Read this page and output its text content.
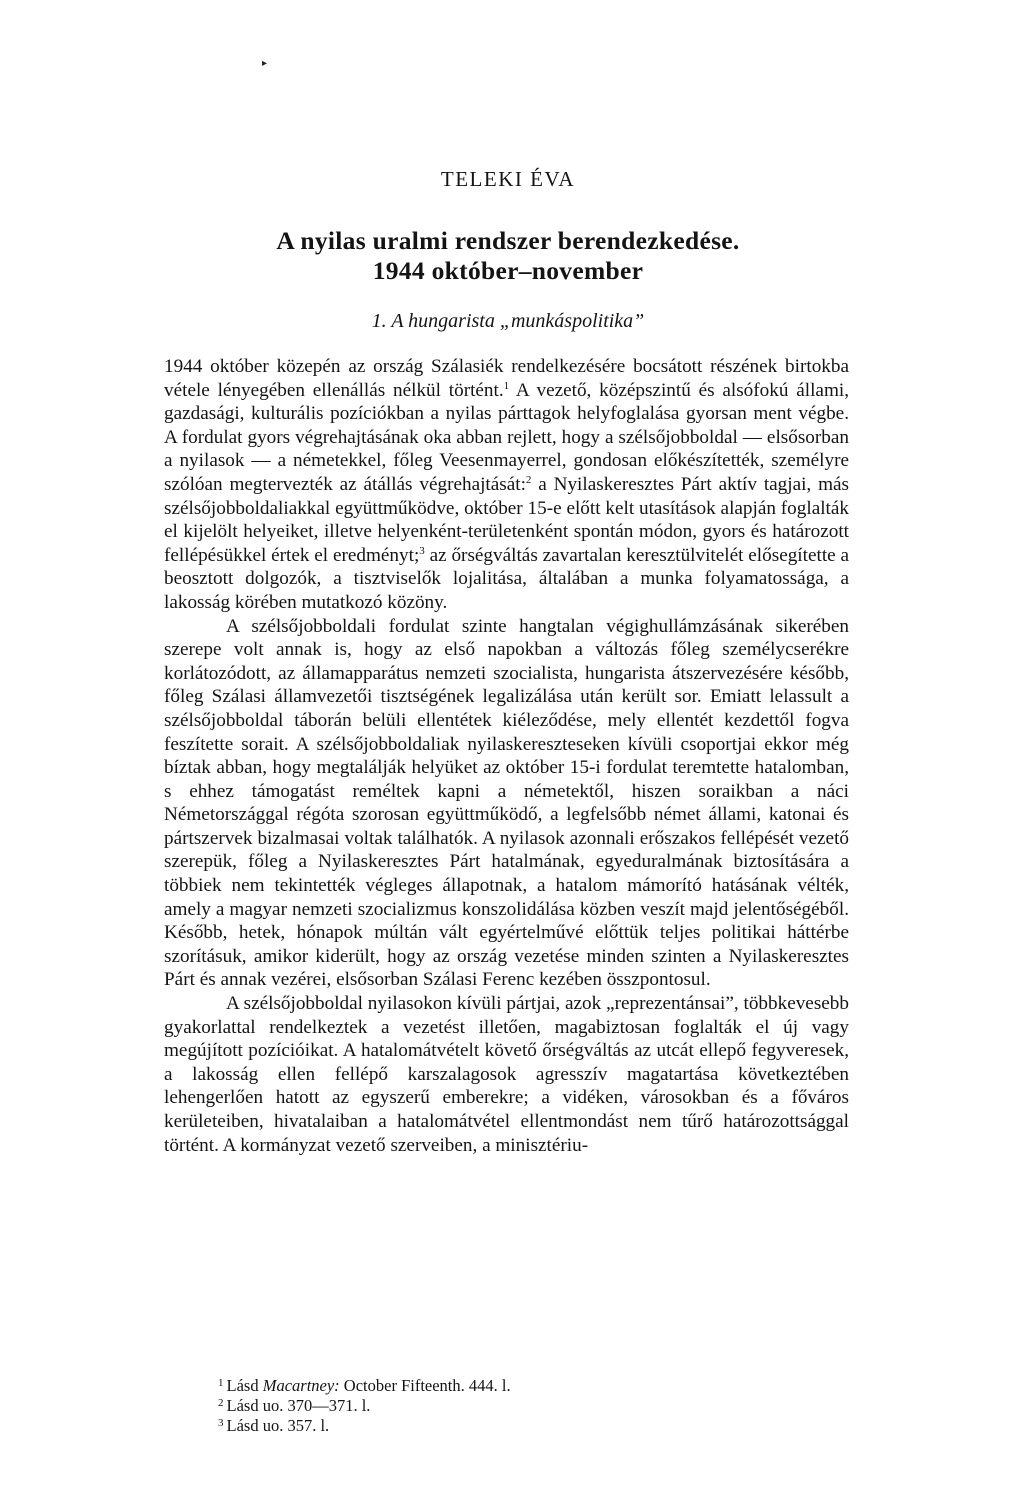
▸
TELEKI ÉVA
A nyilas uralmi rendszer berendezkedése.
1944 október–november
1. A hungarista „munkáspolitika”

1944 október közepén az ország Szálasiék rendelkezésére bocsátott részének birtokba vétele lényegében ellenállás nélkül történt.$^1$ A vezető, középszintű és alsófokú állami, gazdasági, kulturális pozíciókban a nyilas párttagok helyfoglalása gyorsan ment végbe. A fordulat gyors végrehajtásának oka abban rejlett, hogy a szélsőjobboldal — elsősorban a nyilasok — a németekkel, főleg Veesenmayerrel, gondosan előkészítették, személyre szólóan megtervezték az átállás végrehajtását:$^2$ a Nyilaskeresztes Párt aktív tagjai, más szélsőjobboldaliakkal együttműködve, október 15-e előtt kelt utasítások alapján foglalták el kijelölt helyeiket, illetve helyenként-területenként spontán módon, gyors és határozott fellépésükkel értek el eredményt;$^3$ az őrségváltás zavartalan keresztülvitelét elősegítette a beosztott dolgozók, a tisztviselők lojalitása, általában a munka folyamatossága, a lakosság körében mutatkozó közöny.

A szélsőjobboldali fordulat szinte hangtalan végighullámzásának sikerében szerepe volt annak is, hogy az első napokban a változás főleg személycserékre korlátozódott, az államapparátus nemzeti szocialista, hungarista átszervezésére később, főleg Szálasi államvezetői tisztségének legalizálása után került sor. Emiatt lelassult a szélsőjobboldal táborán belüli ellentétek kiéleződése, mely ellentét kezdettől fogva feszítette sorait. A szélsőjobboldaliak nyilaskereszteseken kívüli csoportjai ekkor még bíztak abban, hogy megtalálják helyüket az október 15-i fordulat teremtette hatalomban, s ehhez támogatást reméltek kapni a németektől, hiszen soraikban a náci Németországgal régóta szorosan együttműködő, a legfelsőbb német állami, katonai és pártszervek bizalmasai voltak találhatók. A nyilasok azonnali erőszakos fellépését vezető szerepük, főleg a Nyilaskeresztes Párt hatalmának, egyeduralmának biztosítására a többiek nem tekintették végleges állapotnak, a hatalom mámorító hatásának vélték, amely a magyar nemzeti szocializmus konszolidálása közben veszít majd jelentőségéből. Később, hetek, hónapok múltán vált egyértelművé előttük teljes politikai háttérbe szorításuk, amikor kiderült, hogy az ország vezetése minden szinten a Nyilaskeresztes Párt és annak vezérei, elsősorban Szálasi Ferenc kezében összpontosul.

A szélsőjobboldal nyilasokon kívüli pártjai, azok „reprezentánsai”, többkevesebb gyakorlattal rendelkeztek a vezetést illetően, magabiztosan foglalták el új vagy megújított pozícióikat. A hatalomátvételt követő őrségváltás az utcát ellepő fegyveresek, a lakosság ellen fellépő karszalagosok agresszív magatartása következtében lehengerlően hatott az egyszerű emberekre; a vidéken, városokban és a főváros kerületeiben, hivatalaiban a hatalomátvétel ellentmondást nem tűrő határozottsággal történt. A kormányzat vezető szerveiben, a minisztériu-

$^1$ Lásd Macartney: October Fifteenth. 444. l.
$^2$ Lásd uo. 370—371. l.
$^3$ Lásd uo. 357. l.
